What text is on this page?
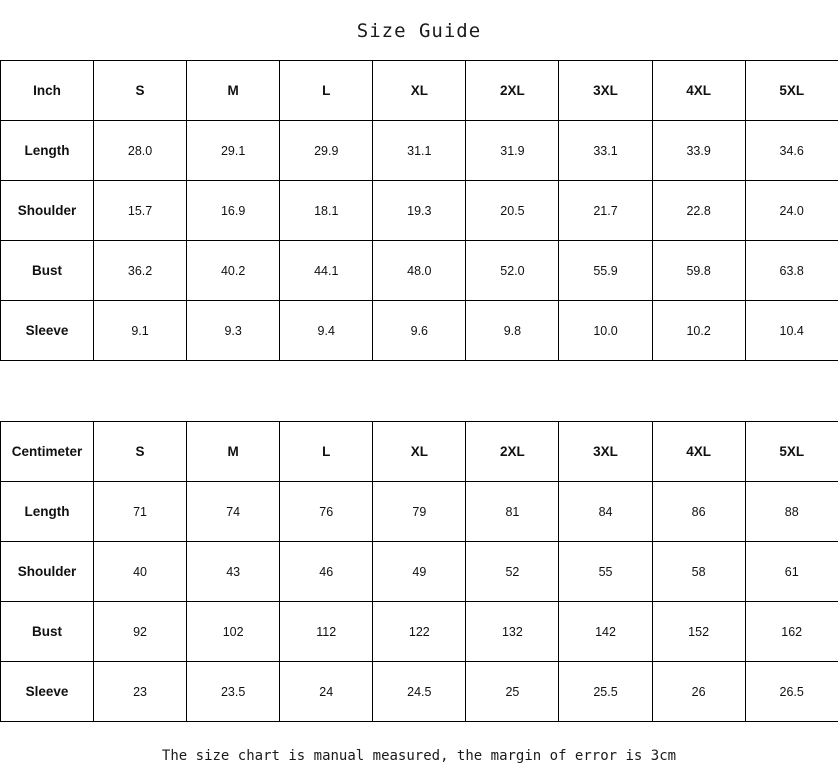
Size Guide
Inch	S	M	L	XL	2XL	3XL	4XL	5XL
Length	28.0	29.1	29.9	31.1	31.9	33.1	33.9	34.6
Shoulder	15.7	16.9	18.1	19.3	20.5	21.7	22.8	24.0
Bust	36.2	40.2	44.1	48.0	52.0	55.9	59.8	63.8
Sleeve	9.1	9.3	9.4	9.6	9.8	10.0	10.2	10.4
Centimeter	S	M	L	XL	2XL	3XL	4XL	5XL
Length	71	74	76	79	81	84	86	88
Shoulder	40	43	46	49	52	55	58	61
Bust	92	102	112	122	132	142	152	162
Sleeve	23	23.5	24	24.5	25	25.5	26	26.5
The size chart is manual measured, the margin of error is 3cm
